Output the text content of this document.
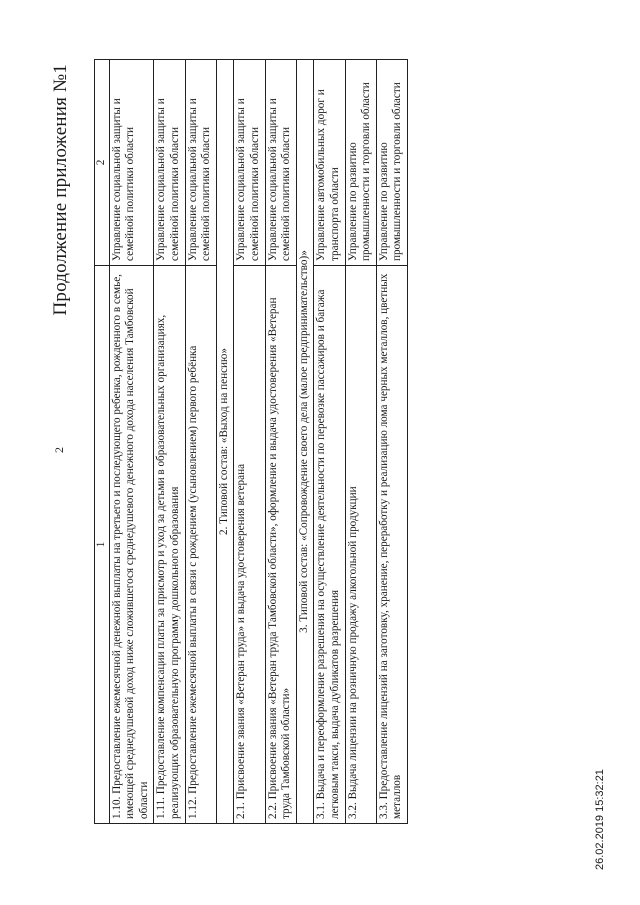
2
Продолжение приложения №1
1	2
1.10. Предоставление ежемесячной денежной выплаты на третьего и последующего ребенка, рожденного в семье, имеющей среднедушевой доход ниже сложившегося среднедушевого денежного дохода населения Тамбовской области	Управление социальной защиты и семейной политики области
1.11. Предоставление компенсации платы за присмотр и уход за детьми в образовательных организациях, реализующих образовательную программу дошкольного образования	Управление социальной защиты и семейной политики области
1.12. Предоставление ежемесячной выплаты в связи с рождением (усыновлением) первого ребёнка	Управление социальной защиты и семейной политики области
2. Типовой состав: «Выход на пенсию»	
2.1. Присвоение звания «Ветеран труда» и выдача удостоверения ветерана	Управление социальной защиты и семейной политики области
2.2. Присвоение звания «Ветеран труда Тамбовской области», оформление и выдача удостоверения «Ветеран труда Тамбовской области»	Управление социальной защиты и семейной политики области
3. Типовой состав: «Сопровождение своего дела (малое предпринимательство)»	
3.1. Выдача и переоформление разрешения на осуществление деятельности по перевозке пассажиров и багажа легковым такси, выдача дубликатов разрешения	Управление автомобильных дорог и транспорта области
3.2. Выдача лицензии на розничную продажу алкогольной продукции	Управление по развитию промышленности и торговли области
3.3. Предоставление лицензий на заготовку, хранение, переработку и реализацию лома черных металлов, цветных металлов	Управление по развитию промышленности и торговли области
26.02.2019 15:32:21
